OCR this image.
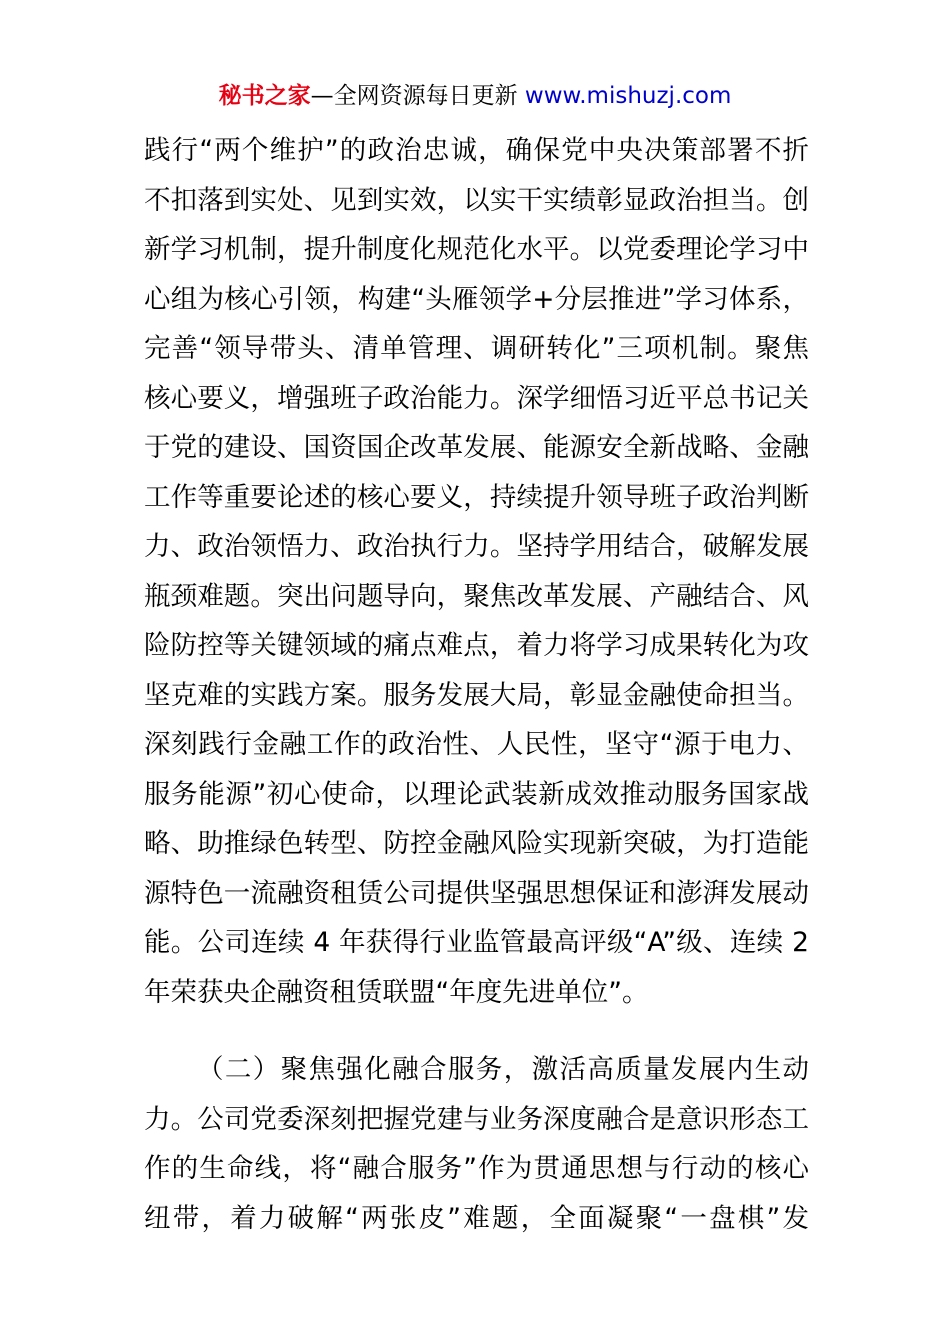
秘书之家—全网资源每日更新 www.mishuzj.com
践行“两个维护”的政治忠诚，确保党中央决策部署不折
不扣落到实处、见到实效，以实干实绩彰显政治担当。创
新学习机制，提升制度化规范化水平。以党委理论学习中
心组为核心引领，构建“头雁领学+分层推进”学习体系，
完善“领导带头、清单管理、调研转化”三项机制。聚焦
核心要义，增强班子政治能力。深学细悟习近平总书记关
于党的建设、国资国企改革发展、能源安全新战略、金融
工作等重要论述的核心要义，持续提升领导班子政治判断
力、政治领悟力、政治执行力。坚持学用结合，破解发展
瓶颈难题。突出问题导向，聚焦改革发展、产融结合、风
险防控等关键领域的痛点难点，着力将学习成果转化为攻
坚克难的实践方案。服务发展大局，彰显金融使命担当。
深刻践行金融工作的政治性、人民性，坚守“源于电力、
服务能源”初心使命，以理论武装新成效推动服务国家战
略、助推绿色转型、防控金融风险实现新突破，为打造能
源特色一流融资租赁公司提供坚强思想保证和澎湃发展动
能。公司连续 4 年获得行业监管最高评级“A”级、连续 2
年荣获央企融资租赁联盟“年度先进单位”。
（二）聚焦强化融合服务，激活高质量发展内生动
力。公司党委深刻把握党建与业务深度融合是意识形态工
作的生命线，将“融合服务”作为贯通思想与行动的核心
纽带，着力破解“两张皮”难题，全面凝聚“一盘棋”发
